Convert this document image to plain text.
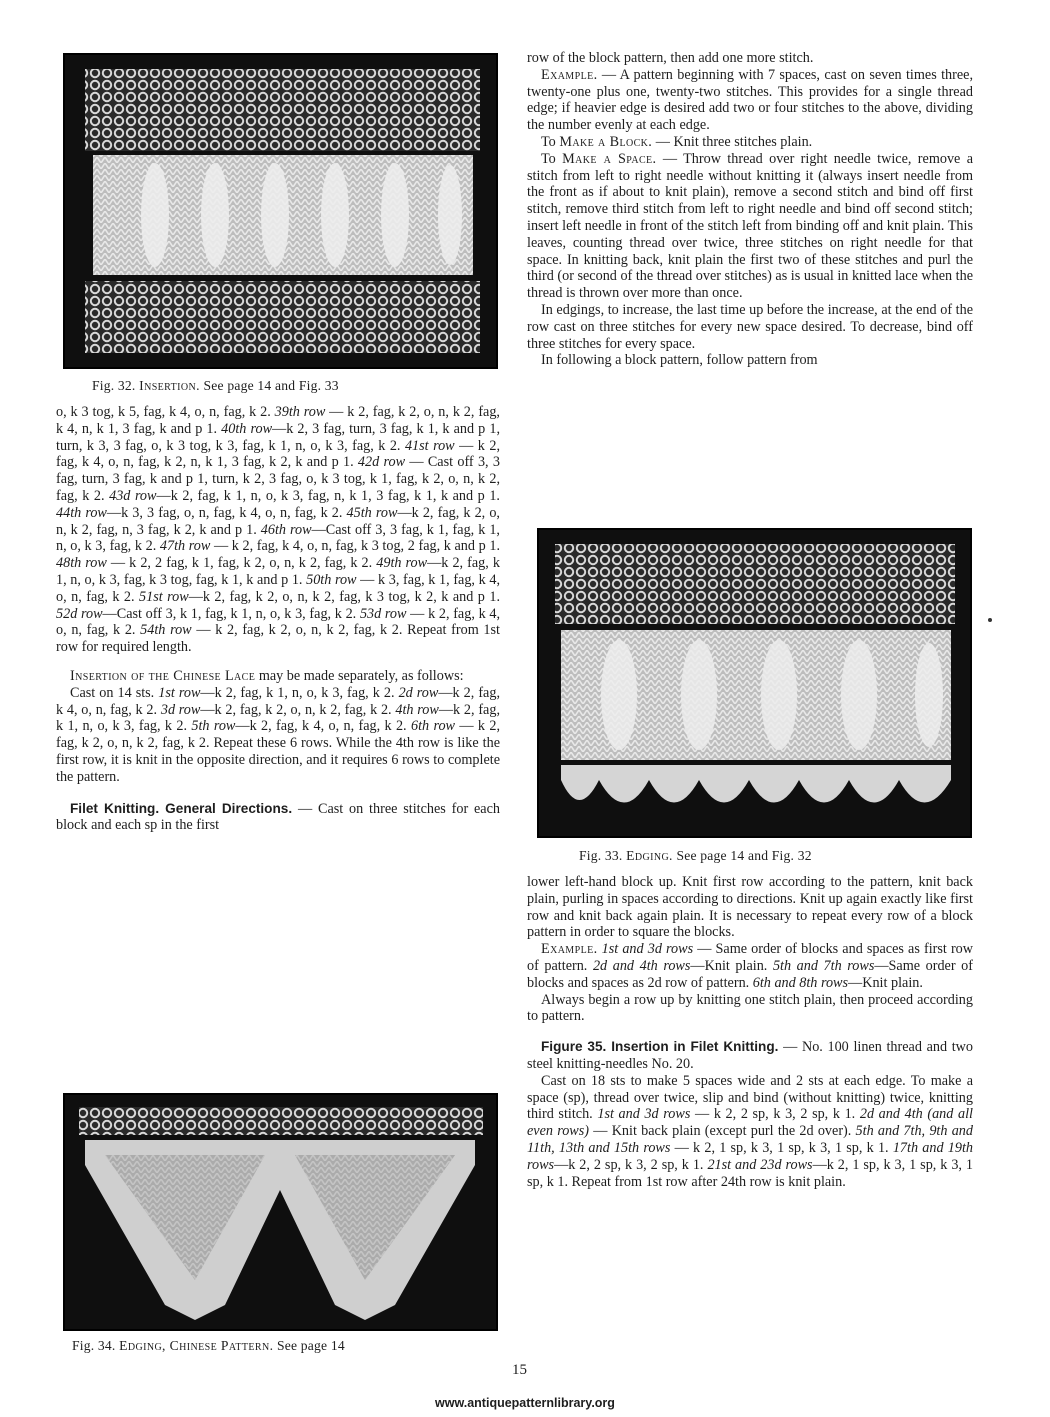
Fig. 32. Insertion. See page 14 and Fig. 33

o, k 3 tog, k 5, fag, k 4, o, n, fag, k 2. 39th row — k 2, fag, k 2, o, n, k 2, fag, k 4, n, k 1, 3 fag, k and p 1. 40th row—k 2, 3 fag, turn, 3 fag, k 1, k and p 1, turn, k 3, 3 fag, o, k 3 tog, k 3, fag, k 1, n, o, k 3, fag, k 2. 41st row — k 2, fag, k 4, o, n, fag, k 2, n, k 1, 3 fag, k 2, k and p 1. 42d row — Cast off 3, 3 fag, turn, 3 fag, k and p 1, turn, k 2, 3 fag, o, k 3 tog, k 1, fag, k 2, o, n, k 2, fag, k 2. 43d row—k 2, fag, k 1, n, o, k 3, fag, n, k 1, 3 fag, k 1, k and p 1. 44th row—k 3, 3 fag, o, n, fag, k 4, o, n, fag, k 2. 45th row—k 2, fag, k 2, o, n, k 2, fag, n, 3 fag, k 2, k and p 1. 46th row—Cast off 3, 3 fag, k 1, fag, k 1, n, o, k 3, fag, k 2. 47th row — k 2, fag, k 4, o, n, fag, k 3 tog, 2 fag, k and p 1. 48th row — k 2, 2 fag, k 1, fag, k 2, o, n, k 2, fag, k 2. 49th row—k 2, fag, k 1, n, o, k 3, fag, k 3 tog, fag, k 1, k and p 1. 50th row — k 3, fag, k 1, fag, k 4, o, n, fag, k 2. 51st row—k 2, fag, k 2, o, n, k 2, fag, k 3 tog, k 2, k and p 1. 52d row—Cast off 3, k 1, fag, k 1, n, o, k 3, fag, k 2. 53d row — k 2, fag, k 4, o, n, fag, k 2. 54th row — k 2, fag, k 2, o, n, k 2, fag, k 2. Repeat from 1st row for required length.

Insertion of the Chinese Lace may be made separately, as follows:

Cast on 14 sts. 1st row—k 2, fag, k 1, n, o, k 3, fag, k 2. 2d row—k 2, fag, k 4, o, n, fag, k 2. 3d row—k 2, fag, k 2, o, n, k 2, fag, k 2. 4th row—k 2, fag, k 1, n, o, k 3, fag, k 2. 5th row—k 2, fag, k 4, o, n, fag, k 2. 6th row — k 2, fag, k 2, o, n, k 2, fag, k 2. Repeat these 6 rows. While the 4th row is like the first row, it is knit in the opposite direction, and it requires 6 rows to complete the pattern.

Filet Knitting. General Directions. — Cast on three stitches for each block and each sp in the first

Fig. 34. Edging, Chinese Pattern. See page 14

row of the block pattern, then add one more stitch.

Example. — A pattern beginning with 7 spaces, cast on seven times three, twenty-one plus one, twenty-two stitches. This provides for a single thread edge; if heavier edge is desired add two or four stitches to the above, dividing the number evenly at each edge.

To Make a Block. — Knit three stitches plain.

To Make a Space. — Throw thread over right needle twice, remove a stitch from left to right needle without knitting it (always insert needle from the front as if about to knit plain), remove a second stitch and bind off first stitch, remove third stitch from left to right needle and bind off second stitch; insert left needle in front of the stitch left from binding off and knit plain. This leaves, counting thread over twice, three stitches on right needle for that space. In knitting back, knit plain the first two of these stitches and purl the third (or second of the thread over stitches) as is usual in knitted lace when the thread is thrown over more than once.

In edgings, to increase, the last time up before the increase, at the end of the row cast on three stitches for every new space desired. To decrease, bind off three stitches for every space.

In following a block pattern, follow pattern from

Fig. 33. Edging. See page 14 and Fig. 32

lower left-hand block up. Knit first row according to the pattern, knit back plain, purling in spaces according to directions. Knit up again exactly like first row and knit back again plain. It is necessary to repeat every row of a block pattern in order to square the blocks.

Example. 1st and 3d rows — Same order of blocks and spaces as first row of pattern. 2d and 4th rows—Knit plain. 5th and 7th rows—Same order of blocks and spaces as 2d row of pattern. 6th and 8th rows—Knit plain.

Always begin a row up by knitting one stitch plain, then proceed according to pattern.

Figure 35. Insertion in Filet Knitting. — No. 100 linen thread and two steel knitting-needles No. 20.

Cast on 18 sts to make 5 spaces wide and 2 sts at each edge. To make a space (sp), thread over twice, slip and bind (without knitting) twice, knitting third stitch. 1st and 3d rows — k 2, 2 sp, k 3, 2 sp, k 1. 2d and 4th (and all even rows) — Knit back plain (except purl the 2d over). 5th and 7th, 9th and 11th, 13th and 15th rows — k 2, 1 sp, k 3, 1 sp, k 3, 1 sp, k 1. 17th and 19th rows—k 2, 2 sp, k 3, 2 sp, k 1. 21st and 23d rows—k 2, 1 sp, k 3, 1 sp, k 3, 1 sp, k 1. Repeat from 1st row after 24th row is knit plain.

15
www.antiquepatternlibrary.org
